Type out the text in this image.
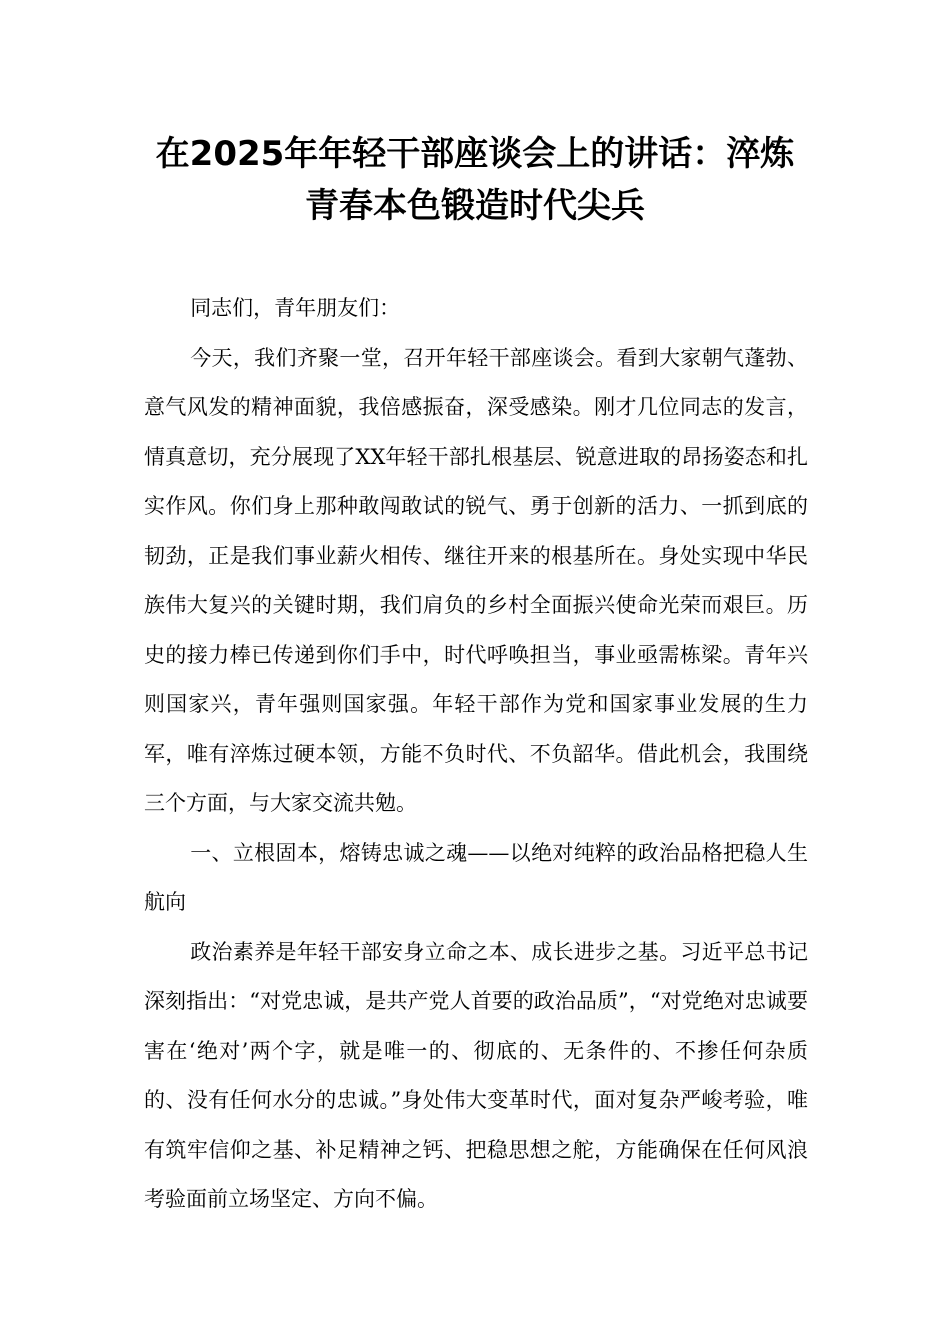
在2025年年轻干部座谈会上的讲话：淬炼
青春本色锻造时代尖兵

同志们，青年朋友们：

今天，我们齐聚一堂，召开年轻干部座谈会。看到大家朝气蓬勃、意气风发的精神面貌，我倍感振奋，深受感染。刚才几位同志的发言，情真意切，充分展现了XX年轻干部扎根基层、锐意进取的昂扬姿态和扎实作风。你们身上那种敢闯敢试的锐气、勇于创新的活力、一抓到底的韧劲，正是我们事业薪火相传、继往开来的根基所在。身处实现中华民族伟大复兴的关键时期，我们肩负的乡村全面振兴使命光荣而艰巨。历史的接力棒已传递到你们手中，时代呼唤担当，事业亟需栋梁。青年兴则国家兴，青年强则国家强。年轻干部作为党和国家事业发展的生力军，唯有淬炼过硬本领，方能不负时代、不负韶华。借此机会，我围绕三个方面，与大家交流共勉。

一、立根固本，熔铸忠诚之魂——以绝对纯粹的政治品格把稳人生航向

政治素养是年轻干部安身立命之本、成长进步之基。习近平总书记深刻指出：“对党忠诚，是共产党人首要的政治品质”，“对党绝对忠诚要害在‘绝对’两个字，就是唯一的、彻底的、无条件的、不掺任何杂质的、没有任何水分的忠诚。”身处伟大变革时代，面对复杂严峻考验，唯有筑牢信仰之基、补足精神之钙、把稳思想之舵，方能确保在任何风浪考验面前立场坚定、方向不偏。
